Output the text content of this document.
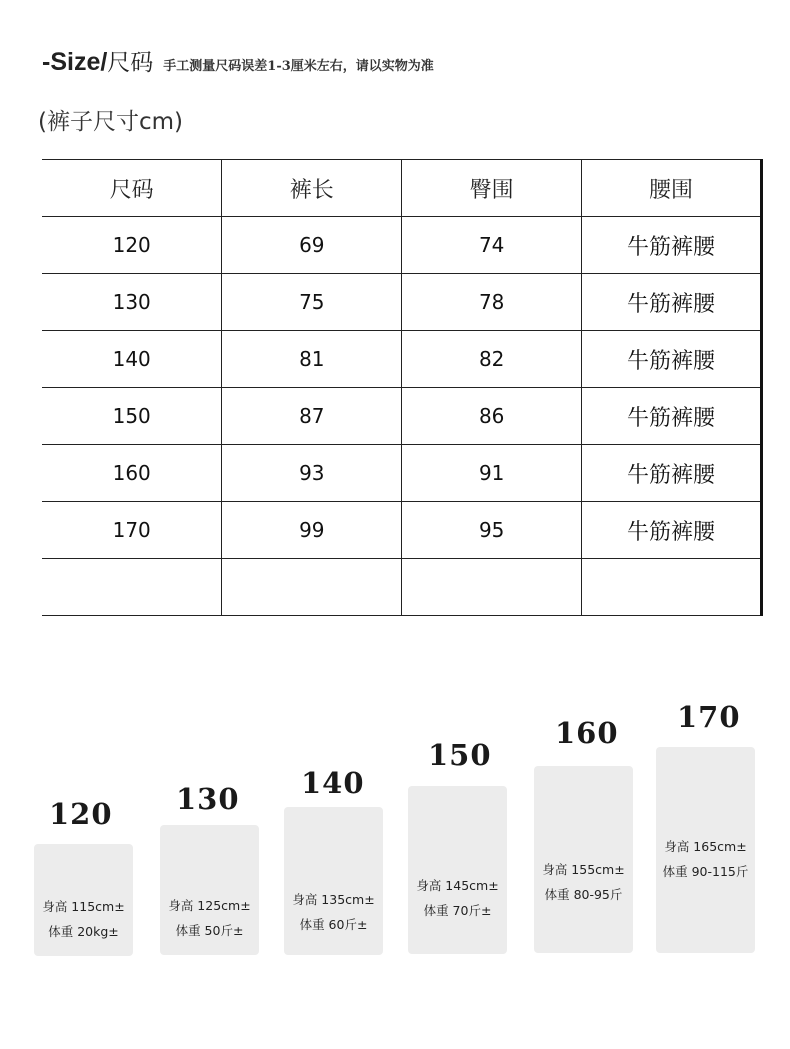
-Size/尺码 手工测量尺码误差1-3厘米左右，请以实物为准
(裤子尺寸cm)
尺码	裤长	臀围	腰围
120	69	74	牛筋裤腰
130	75	78	牛筋裤腰
140	81	82	牛筋裤腰
150	87	86	牛筋裤腰
160	93	91	牛筋裤腰
170	99	95	牛筋裤腰

120
身高 115cm±
体重 20kg±
130
身高 125cm±
体重 50斤±
140
身高 135cm±
体重 60斤±
150
身高 145cm±
体重 70斤±
160
身高 155cm±
体重 80-95斤
170
身高 165cm±
体重 90-115斤
